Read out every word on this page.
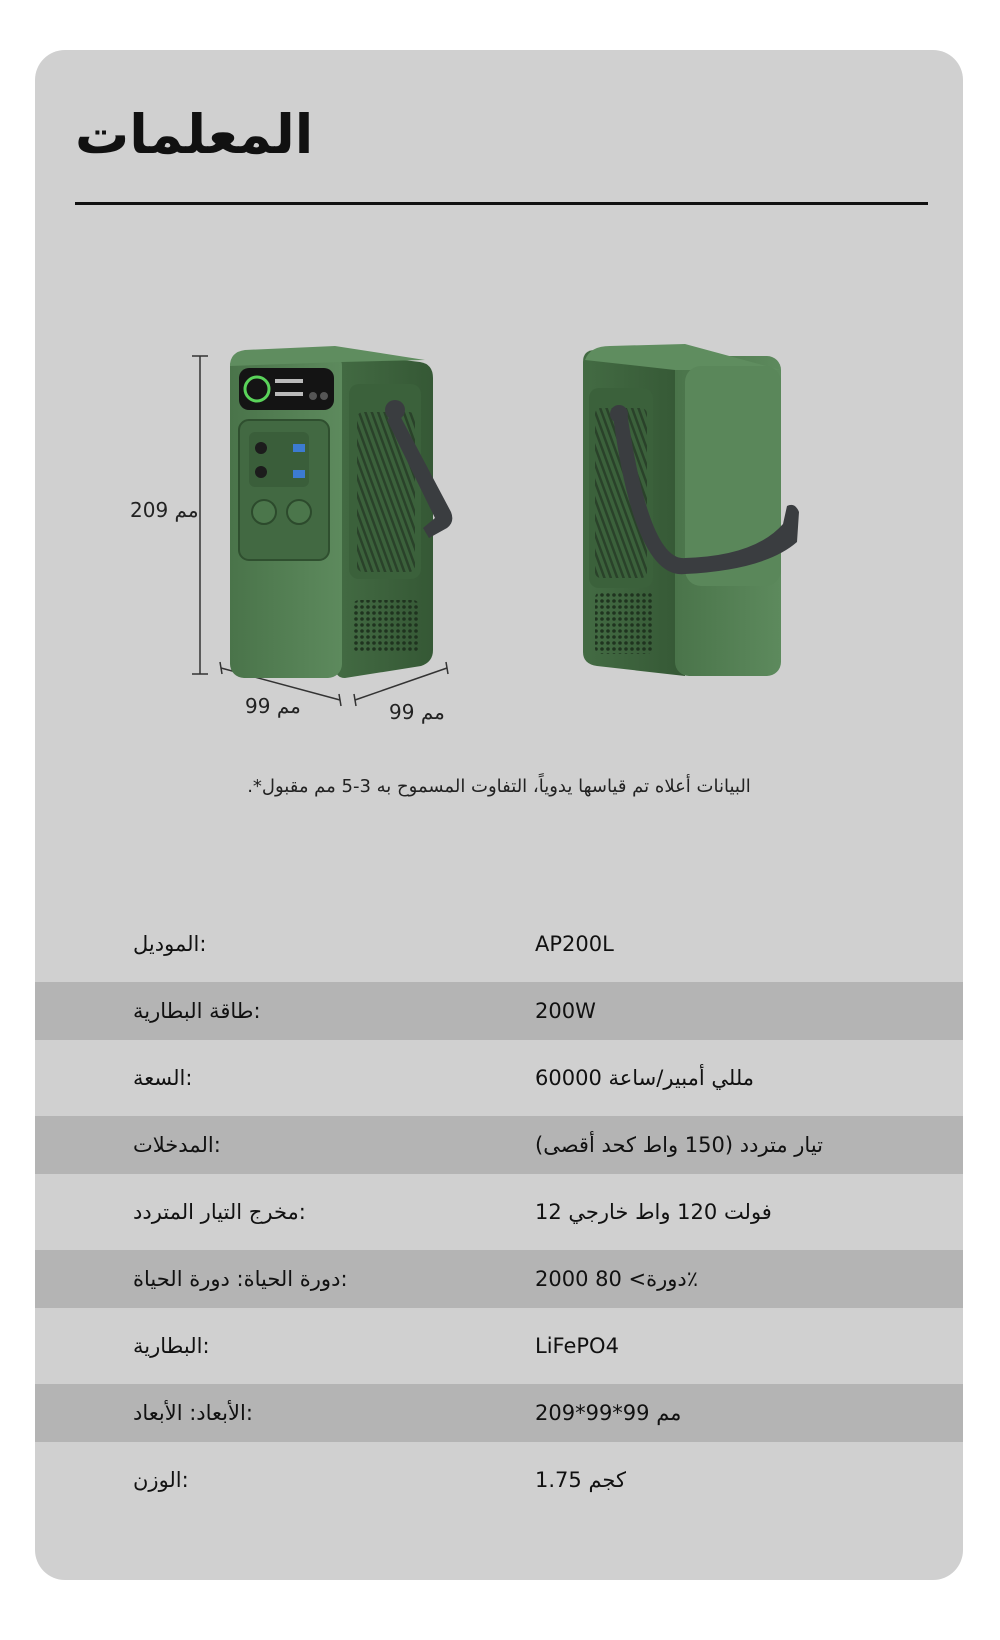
المعلمات
209 مم
99 مم	99 مم
البيانات أعلاه تم قياسها يدوياً، التفاوت المسموح به 3-5 مم مقبول*.
الموديل:	AP200L
طاقة البطارية:	200W
السعة:	مللي أمبير/ساعة 60000
المدخلات:	تيار متردد (150 واط كحد أقصى)
مخرج التيار المتردد:	فولت 120 واط خارجي 12
دورة الحياة: دورة الحياة:	2000 80 <دورة٪
البطارية:	LiFePO4
الأبعاد: الأبعاد:	209*99*99 مم
الوزن:	1.75 كجم
